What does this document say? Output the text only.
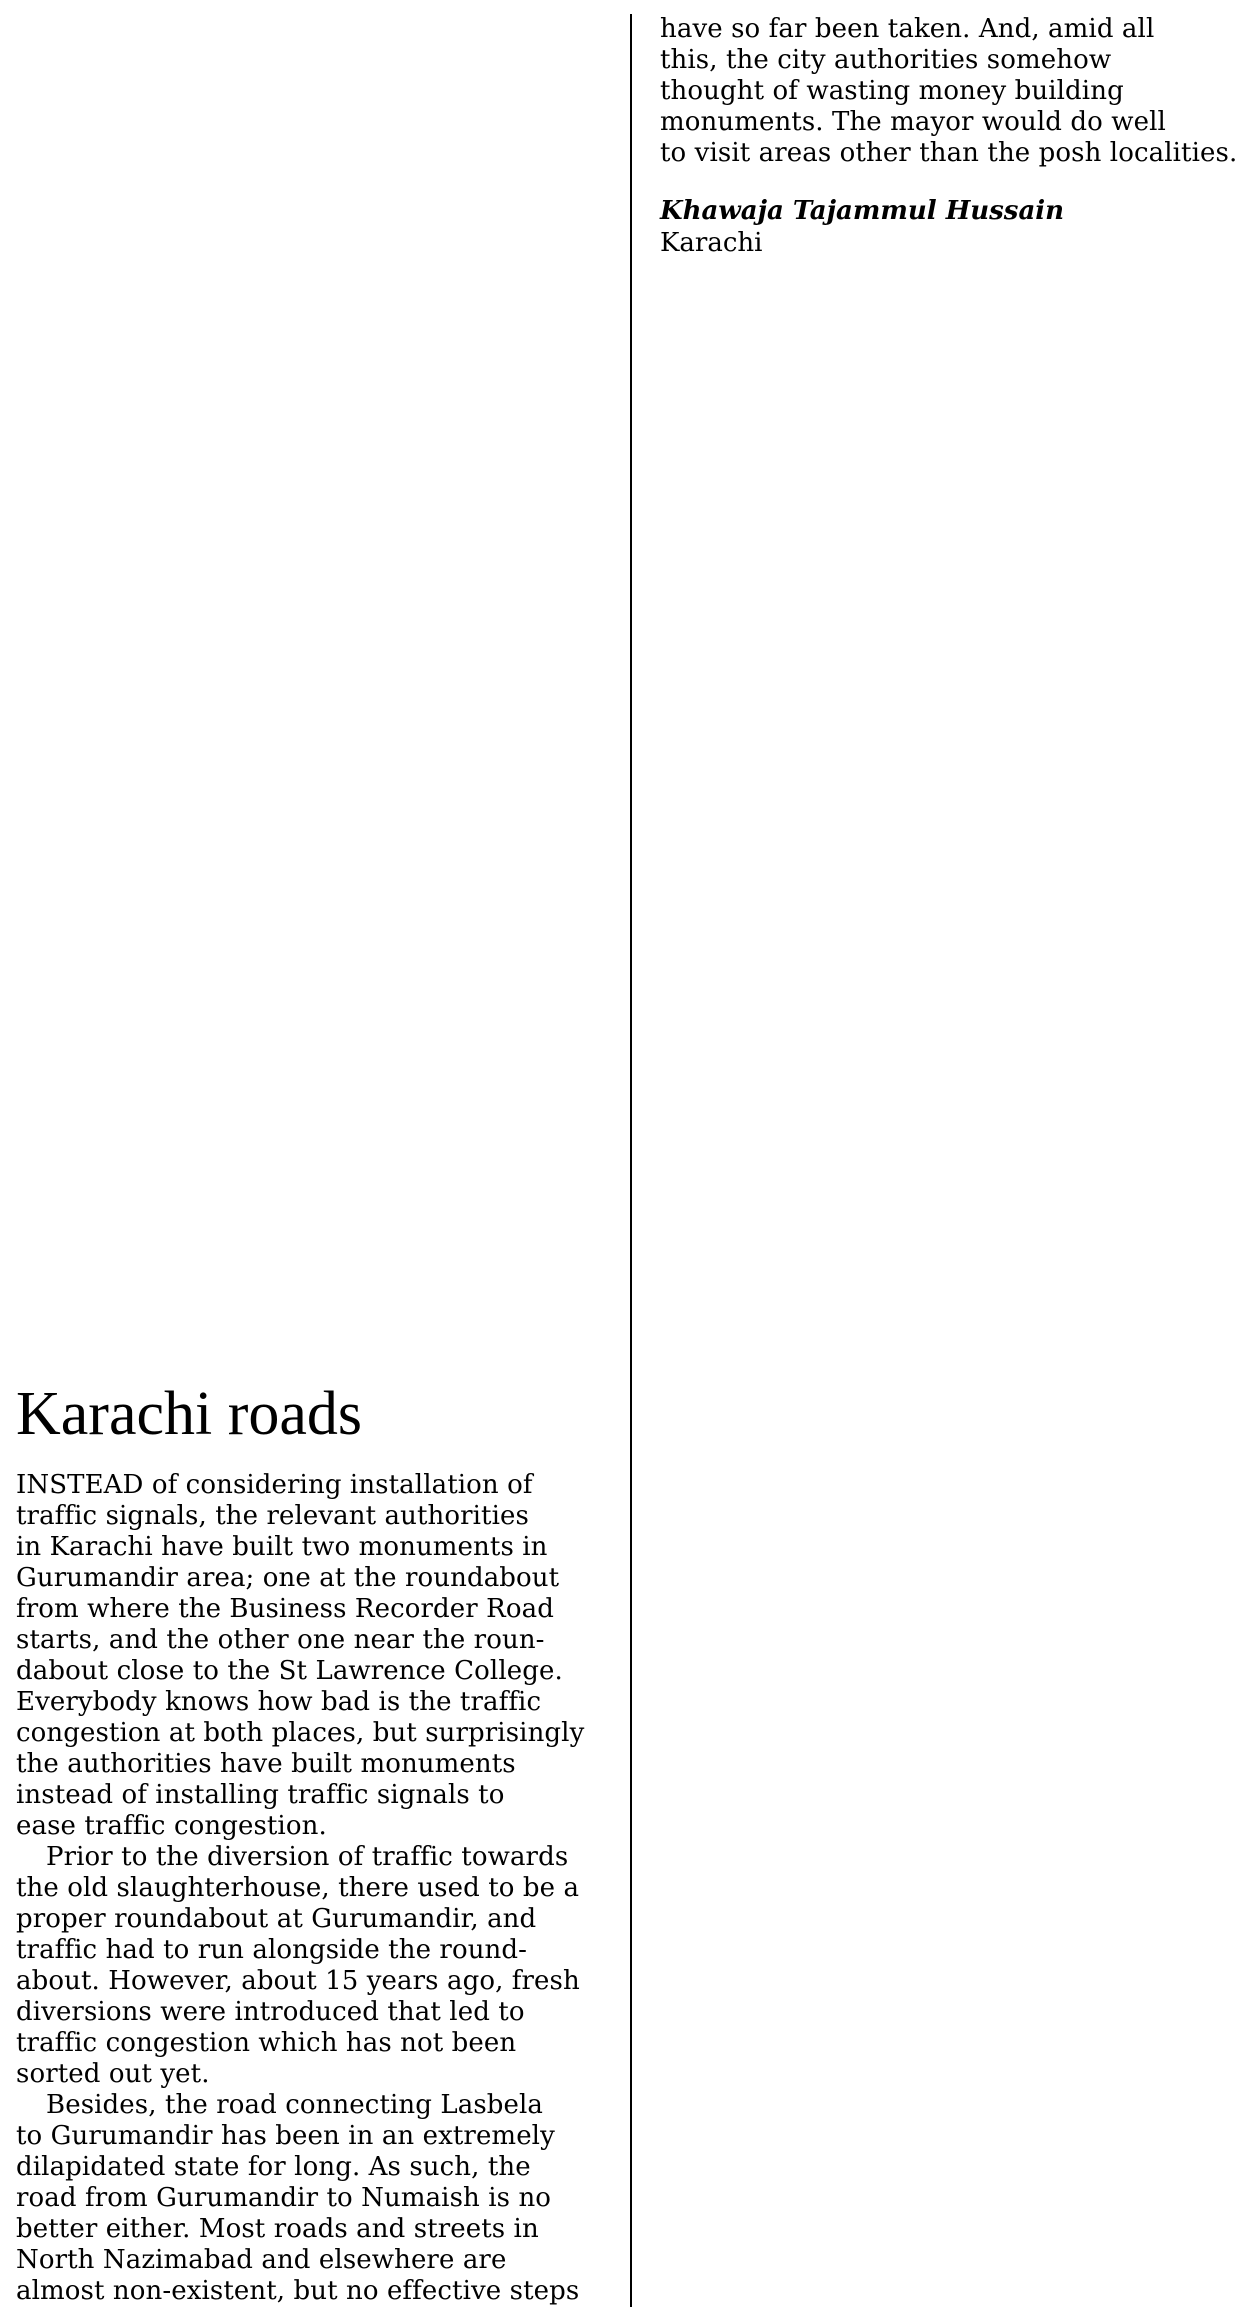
have so far been taken. And, amid all
this, the city authorities somehow
thought of wasting money building
monuments. The mayor would do well
to visit areas other than the posh localities.
Khawaja Tajammul Hussain
Karachi
Karachi roads
INSTEAD of considering installation of
traffic signals, the relevant authorities
in Karachi have built two monuments in
Gurumandir area; one at the roundabout
from where the Business Recorder Road
starts, and the other one near the roun-
dabout close to the St Lawrence College.
Everybody knows how bad is the traffic
congestion at both places, but surprisingly
the authorities have built monuments
instead of installing traffic signals to
ease traffic congestion.
Prior to the diversion of traffic towards
the old slaughterhouse, there used to be a
proper roundabout at Gurumandir, and
traffic had to run alongside the round-
about. However, about 15 years ago, fresh
diversions were introduced that led to
traffic congestion which has not been
sorted out yet.
Besides, the road connecting Lasbela
to Gurumandir has been in an extremely
dilapidated state for long. As such, the
road from Gurumandir to Numaish is no
better either. Most roads and streets in
North Nazimabad and elsewhere are
almost non-existent, but no effective steps
